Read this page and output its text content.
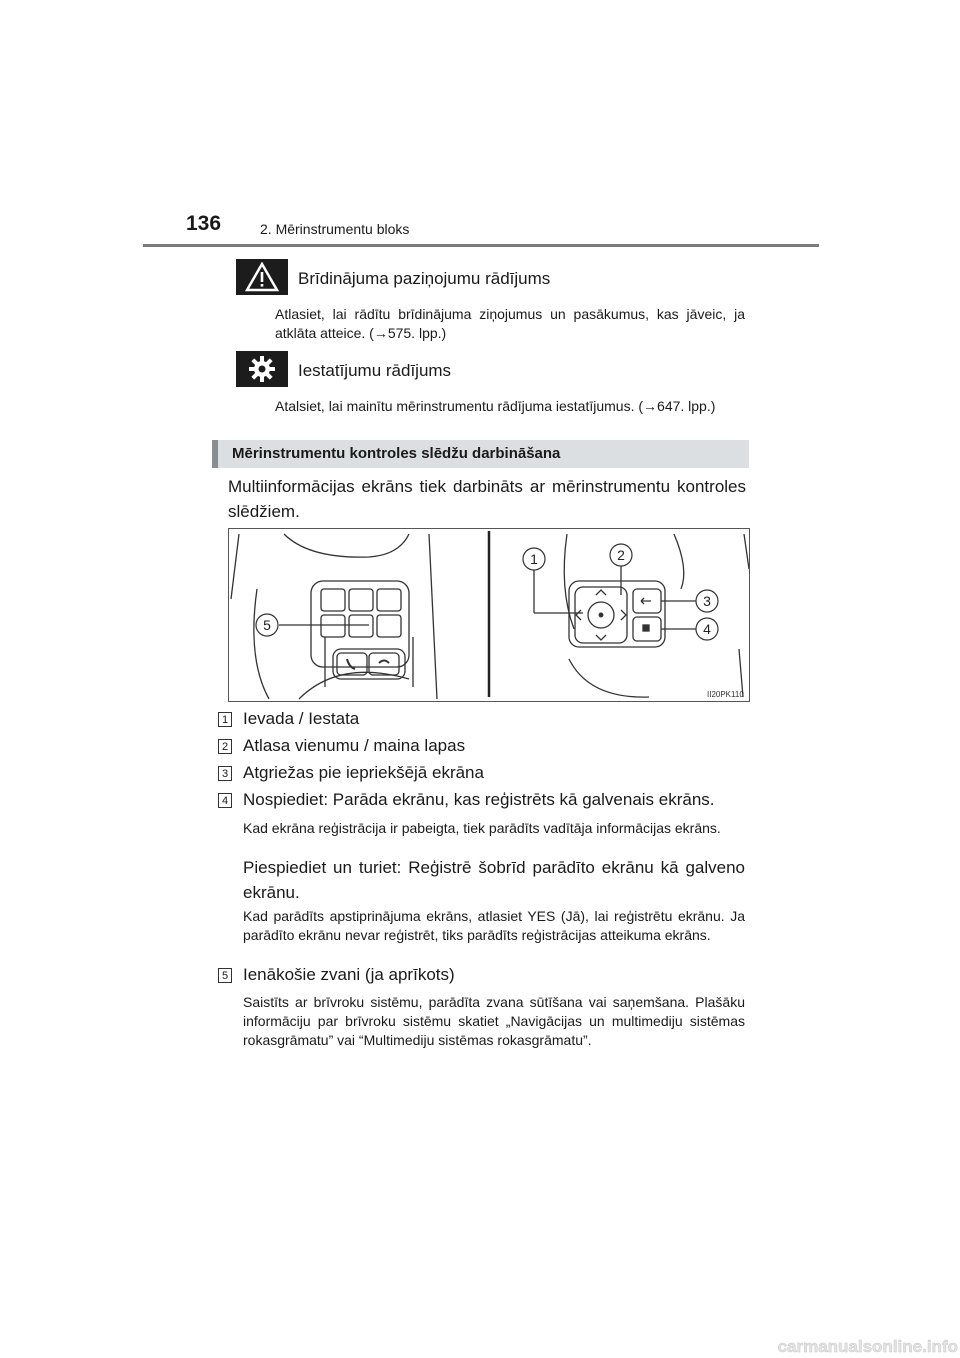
136	2. Mērinstrumentu bloks
Brīdinājuma paziņojumu rādījums
Atlasiet, lai rādītu brīdinājuma ziņojumus un pasākumus, kas jāveic, ja atklāta atteice. (→575. lpp.)
Iestatījumu rādījums
Atalsiet, lai mainītu mērinstrumentu rādījuma iestatījumus. (→647. lpp.)
Mērinstrumentu kontroles slēdžu darbināšana
Multiinformācijas ekrāns tiek darbināts ar mērinstrumentu kontroles slēdžiem.
5
1	2
3
4
II20PK110
1 Ievada / Iestata
2 Atlasa vienumu / maina lapas
3 Atgriežas pie iepriekšējā ekrāna
4 Nospiediet: Parāda ekrānu, kas reģistrēts kā galvenais ekrāns.
Kad ekrāna reģistrācija ir pabeigta, tiek parādīts vadītāja informācijas ekrāns.
Piespiediet un turiet: Reģistrē šobrīd parādīto ekrānu kā galveno ekrānu.
Kad parādīts apstiprinājuma ekrāns, atlasiet YES (Jā), lai reģistrētu ekrānu. Ja parādīto ekrānu nevar reģistrēt, tiks parādīts reģistrācijas atteikuma ekrāns.
5 Ienākošie zvani (ja aprīkots)
Saistīts ar brīvroku sistēmu, parādīta zvana sūtīšana vai saņemšana. Plašāku informāciju par brīvroku sistēmu skatiet „Navigācijas un multimediju sistēmas rokasgrāmatu” vai “Multimediju sistēmas rokasgrāmatu”.
carmanualsonline.info
